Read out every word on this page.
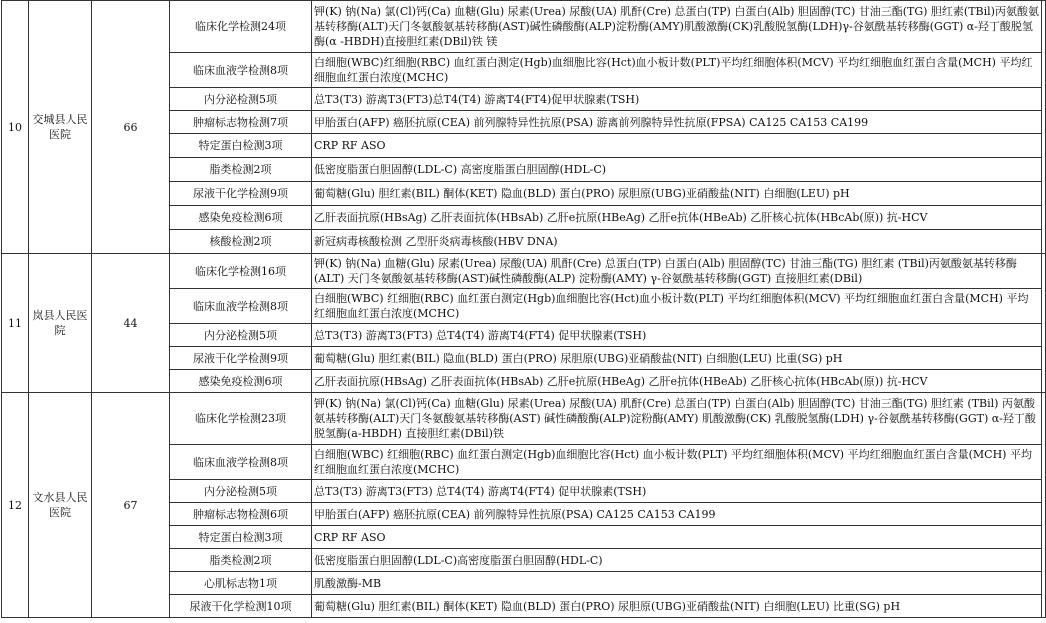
10	交城县人民医院	66	临床化学检测24项	钾(K) 钠(Na) 氯(Cl)钙(Ca) 血糖(Glu) 尿素(Urea) 尿酸(UA) 肌酐(Cre) 总蛋白(TP) 白蛋白(Alb) 胆固醇(TC) 甘油三酯(TG) 胆红素(TBil)丙氨酸氨基转移酶(ALT)天门冬氨酸氨基转移酶(AST)碱性磷酸酶(ALP)淀粉酶(AMY)肌酸激酶(CK)乳酸脱氢酶(LDH)γ-谷氨酰基转移酶(GGT) α-羟丁酸脱氢酶(α -HBDH)直接胆红素(DBil)铁 镁	
			临床血液学检测8项	白细胞(WBC)红细胞(RBC) 血红蛋白测定(Hgb)血细胞比容(Hct)血小板计数(PLT)平均红细胞体积(MCV) 平均红细胞血红蛋白含量(MCH) 平均红细胞血红蛋白浓度(MCHC)	
			内分泌检测5项	总T3(T3) 游离T3(FT3)总T4(T4) 游离T4(FT4)促甲状腺素(TSH)	
			肿瘤标志物检测7项	甲胎蛋白(AFP) 癌胚抗原(CEA) 前列腺特异性抗原(PSA) 游离前列腺特异性抗原(FPSA) CA125 CA153 CA199	
			特定蛋白检测3项	CRP RF ASO	
			脂类检测2项	低密度脂蛋白胆固醇(LDL-C) 高密度脂蛋白胆固醇(HDL-C)	
			尿液干化学检测9项	葡萄糖(Glu) 胆红素(BIL) 酮体(KET) 隐血(BLD) 蛋白(PRO) 尿胆原(UBG)亚硝酸盐(NIT) 白细胞(LEU) pH	
			感染免疫检测6项	乙肝表面抗原(HBsAg) 乙肝表面抗体(HBsAb) 乙肝e抗原(HBeAg) 乙肝e抗体(HBeAb) 乙肝核心抗体(HBcAb(原)) 抗-HCV	
			核酸检测2项	新冠病毒核酸检测 乙型肝炎病毒核酸(HBV DNA)	
11	岚县人民医院	44	临床化学检测16项	钾(K) 钠(Na) 血糖(Glu) 尿素(Urea) 尿酸(UA) 肌酐(Cre) 总蛋白(TP) 白蛋白(Alb) 胆固醇(TC) 甘油三酯(TG) 胆红素 (TBil)丙氨酸氨基转移酶(ALT) 天门冬氨酸氨基转移酶(AST)碱性磷酸酶(ALP) 淀粉酶(AMY) γ-谷氨酰基转移酶(GGT) 直接胆红素(DBil)	
			临床血液学检测8项	白细胞(WBC) 红细胞(RBC) 血红蛋白测定(Hgb)血细胞比容(Hct)血小板计数(PLT) 平均红细胞体积(MCV) 平均红细胞血红蛋白含量(MCH) 平均红细胞血红蛋白浓度(MCHC)	
			内分泌检测5项	总T3(T3) 游离T3(FT3) 总T4(T4) 游离T4(FT4) 促甲状腺素(TSH)	
			尿液干化学检测9项	葡萄糖(Glu) 胆红素(BIL) 隐血(BLD) 蛋白(PRO) 尿胆原(UBG)亚硝酸盐(NIT) 白细胞(LEU) 比重(SG) pH	
			感染免疫检测6项	乙肝表面抗原(HBsAg) 乙肝表面抗体(HBsAb) 乙肝e抗原(HBeAg) 乙肝e抗体(HBeAb) 乙肝核心抗体(HBcAb(原)) 抗-HCV	
12	文水县人民医院	67	临床化学检测23项	钾(K) 钠(Na) 氯(Cl)钙(Ca) 血糖(Glu) 尿素(Urea) 尿酸(UA) 肌酐(Cre) 总蛋白(TP) 白蛋白(Alb) 胆固醇(TC) 甘油三酯(TG) 胆红素 (TBil) 丙氨酸氨基转移酶(ALT)天门冬氨酸氨基转移酶(AST) 碱性磷酸酶(ALP)淀粉酶(AMY) 肌酸激酶(CK) 乳酸脱氢酶(LDH) γ-谷氨酰基转移酶(GGT) α-羟丁酸脱氢酶(a-HBDH) 直接胆红素(DBil)铁	
			临床血液学检测8项	白细胞(WBC) 红细胞(RBC) 血红蛋白测定(Hgb)血细胞比容(Hct) 血小板计数(PLT) 平均红细胞体积(MCV) 平均红细胞血红蛋白含量(MCH) 平均红细胞血红蛋白浓度(MCHC)	
			内分泌检测5项	总T3(T3) 游离T3(FT3) 总T4(T4) 游离T4(FT4) 促甲状腺素(TSH)	
			肿瘤标志物检测6项	甲胎蛋白(AFP) 癌胚抗原(CEA) 前列腺特异性抗原(PSA) CA125 CA153 CA199	
			特定蛋白检测3项	CRP RF ASO	
			脂类检测2项	低密度脂蛋白胆固醇(LDL-C)高密度脂蛋白胆固醇(HDL-C)	
			心肌标志物1项	肌酸激酶-MB	
			尿液干化学检测10项	葡萄糖(Glu) 胆红素(BIL) 酮体(KET) 隐血(BLD) 蛋白(PRO) 尿胆原(UBG)亚硝酸盐(NIT) 白细胞(LEU) 比重(SG) pH	
